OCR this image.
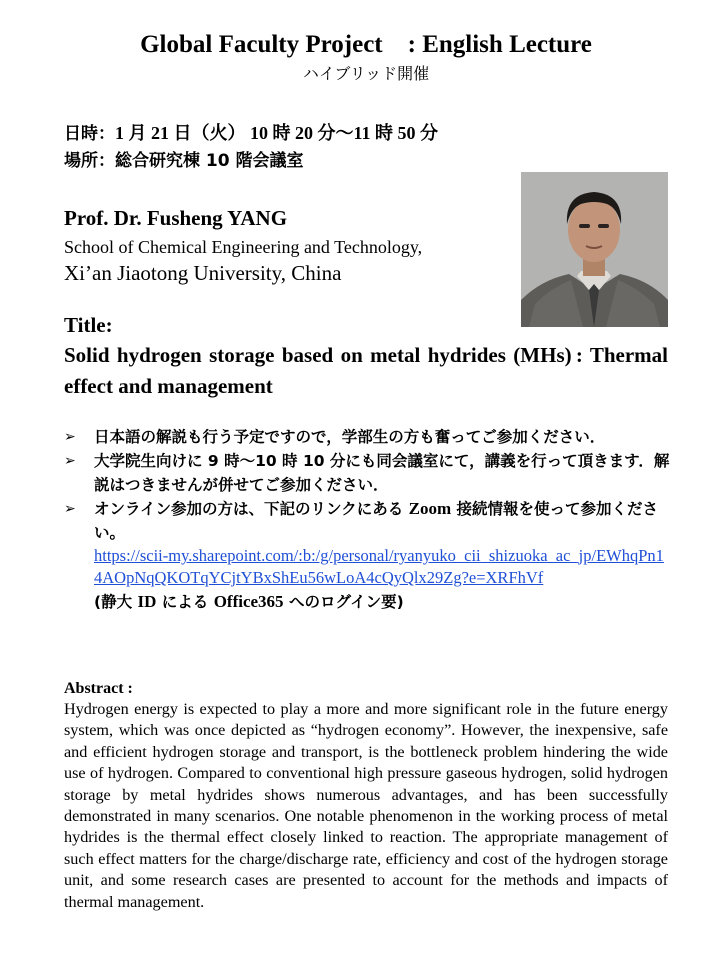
Global Faculty Project　: English Lecture
ハイブリッド開催
日時：1 月 21 日（火） 10 時 20 分〜11 時 50 分
場所：総合研究棟 10 階会議室
Prof. Dr. Fusheng YANG
School of Chemical Engineering and Technology,
Xi’an Jiaotong University, China
Title:
Solid hydrogen storage based on metal hydrides (MHs) : Thermal effect and management
➢ 日本語の解説も行う予定ですので，学部生の方も奮ってご参加ください．
➢ 大学院生向けに 9 時〜10 時 10 分にも同会議室にて，講義を行って頂きます．解説はつきませんが併せてご参加ください．
➢ オンライン参加の方は、下記のリンクにある Zoom 接続情報を使って参加ください。
https://scii-my.sharepoint.com/:b:/g/personal/ryanyuko_cii_shizuoka_ac_jp/EWhqPn14AOpNqQKOTqYCjtYBxShEu56wLoA4cQyQlx29Zg?e=XRFhVf
(静大 ID による Office365 へのログイン要)
Abstract :
Hydrogen energy is expected to play a more and more significant role in the future energy system, which was once depicted as “hydrogen economy”. However, the inexpensive, safe and efficient hydrogen storage and transport, is the bottleneck problem hindering the wide use of hydrogen. Compared to conventional high pressure gaseous hydrogen, solid hydrogen storage by metal hydrides shows numerous advantages, and has been successfully demonstrated in many scenarios. One notable phenomenon in the working process of metal hydrides is the thermal effect closely linked to reaction. The appropriate management of such effect matters for the charge/discharge rate, efficiency and cost of the hydrogen storage unit, and some research cases are presented to account for the methods and impacts of thermal management.
